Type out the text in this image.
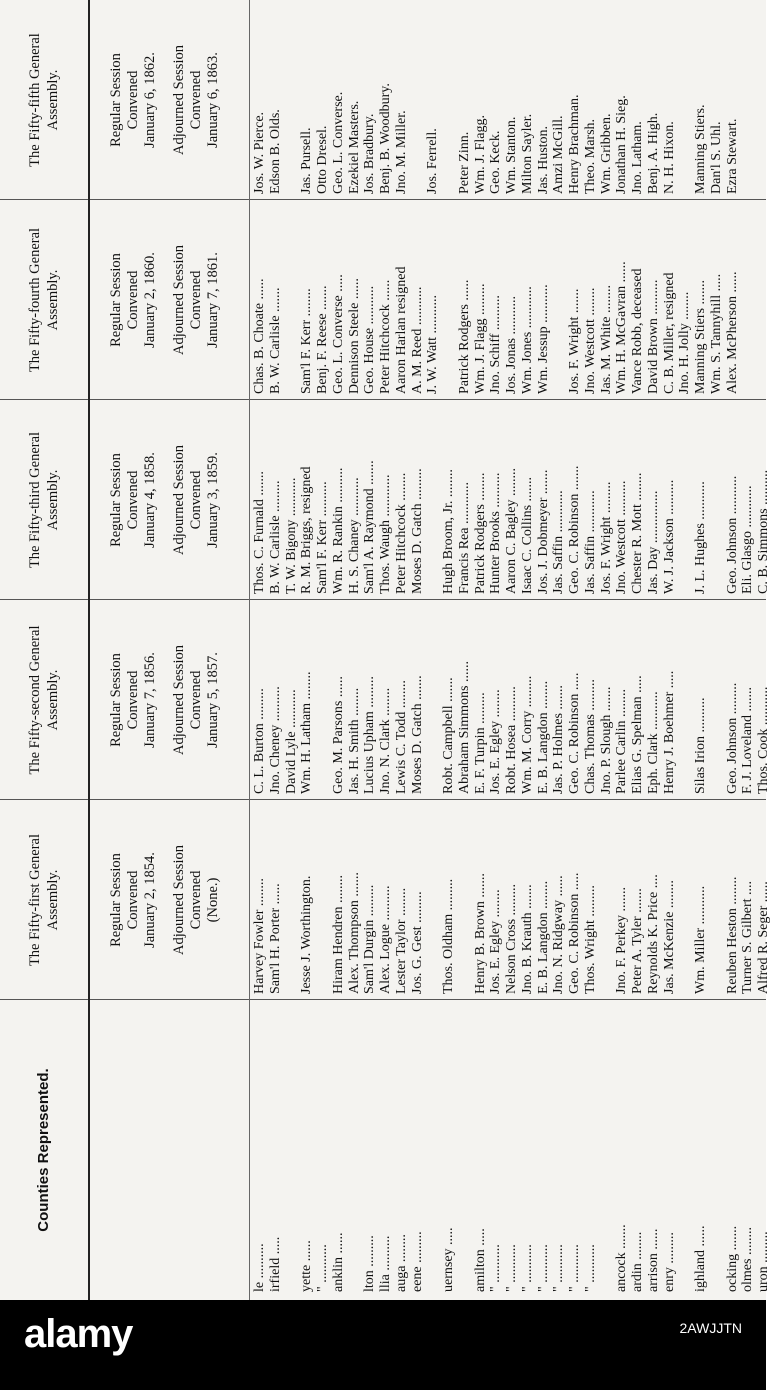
Counties Represented.
The Fifty-first General Assembly.
The Fifty-second General Assembly.
The Fifty-third General Assembly.
The Fifty-fourth General Assembly.
The Fifty-fifth General Assembly.
Regular Session Convened January 2, 1854. Adjourned Session Convened (None.)
Regular Session Convened January 7, 1856. Adjourned Session Convened January 5, 1857.
Regular Session Convened January 4, 1858. Adjourned Session Convened January 3, 1859.
Regular Session Convened January 2, 1860. Adjourned Session Convened January 7, 1861.
Regular Session Convened January 6, 1862. Adjourned Session Convened January 6, 1863.
le .......... irfield ..... yette ...... " ........... anklin ...... lton ......... llia .......... auga ........ eene ......... uernsey ..... amilton ..... " ........... " ........... " ........... " ........... " ........... " ........... " ........... ancock ....... ardin ........ arrison ...... enry ......... ighland ...... ocking ....... olmes ........ uron .........
Harvey Fowler ........ Sam'l H. Porter ...... Jesse J. Worthington. Hiram Hendren ........ Alex. Thompson ....... Sam'l Durgin ......... Alex. Logue .......... Lester Taylor ........ Jos. G. Gest ......... Thos. Oldham ......... Henry B. Brown ....... Jos. E. Egley ........ Nelson Cross ......... Jno. B. Krauth ....... E. B. Langdon ........ Jno. N. Ridgway ...... Geo. C. Robinson ..... Thos. Wright ......... Jno. F. Perkey ....... Peter A. Tyler ....... Reynolds K. Price .... Jas. McKenzie ........ Wm. Miller ........... Reuben Heston ........ Turner S. Gilbert .... Alfred R. Seger ......
C. L. Burton ......... Jno. Cheney .......... David Lyle ........... Wm. H. Latham ........ Geo. M. Parsons ...... Jas. H. Smith ........ Lucius Upham ......... Jno. N. Clark ........ Lewis C. Todd ........ Moses D. Gatch ....... Robt. Campbell ....... Abraham Simmons ...... E. F. Turpin ......... Jos. E. Egley ........ Robt. Hosea .......... Wm. M. Corry ......... E. B. Langdon ........ Jas. P. Holmes ....... Geo. C. Robinson ..... Chas. Thomas ......... Jno. P. Slough ....... Parlee Carlin ........ Elias G. Spelman ..... Eph. Clark ........... Henry J. Boehmer ..... Silas Irion .......... Geo. Johnson ......... F. J. Loveland ....... Thos. Cook ...........
Thos. C. Furnald ....... B. W. Carlisle ......... T. W. Bigony ........... R. M. Briggs, resigned Sam'l F. Kerr .......... Wm. R. Rankin .......... H. S. Chaney ........... Sam'l A. Raymond ....... Thos. Waugh ............ Peter Hitchcock ........ Moses D. Gatch ......... Hugh Broom, Jr. ........ Francis Rea ............ Patrick Rodgers ........ Hunter Brooks .......... Aaron C. Bagley ........ Isaac C. Collins ....... Jos. J. Dobmeyer ....... Jas. Saffin ............ Geo. C. Robinson ....... Jas. Saffin ............ Jos. F. Wright ......... Jno. Westcott .......... Chester R. Mott ........ Jas. Day ............... W. J. Jackson .......... J. L. Hughes ........... Geo. Johnson ........... Eli. Glasgo ............ C. B. Simmons ..........
Chas. B. Choate ...... B. W. Carlisle ....... Sam'l F. Kerr ........ Benj. F. Reese ....... Geo. L. Converse ..... Dennison Steele ...... Geo. House ........... Peter Hitchcock ...... Aaron Harlan resigned A. M. Reed ........... J. W. Watt ........... Patrick Rodgers ...... Wm. J. Flagg ......... Jno. Schiff .......... Jos. Jonas ........... Wm. Jones ............ Wm. Jessup ........... Jos. F. Wright ....... Jno. Westcott ........ Jas. M. White ........ Wm. H. McGavran ...... Vance Robb, deceased David Brown .......... C. B. Miller, resigned Jno. H. Jolly ........ Manning Stiers ....... Wm. S. Tannyhill ..... Alex. McPherson ......
Jos. W. Pierce. Edson B. Olds. Jas. Pursell. Otto Dresel. Geo. L. Converse. Ezekiel Masters. Jos. Bradbury. Benj. B. Woodbury. Jno. M. Miller. Jos. Ferrell. Peter Zinn. Wm. J. Flagg. Geo. Keck. Wm. Stanton. Milton Sayler. Jas. Huston. Amzi McGill. Henry Brachman. Theo. Marsh. Wm. Gribben. Jonathan H. Sieg. Jno. Latham. Benj. A. High. N. H. Hixon. Manning Stiers. Dan'l S. Uhl. Ezra Stewart.
alamy	2AWJJTN
